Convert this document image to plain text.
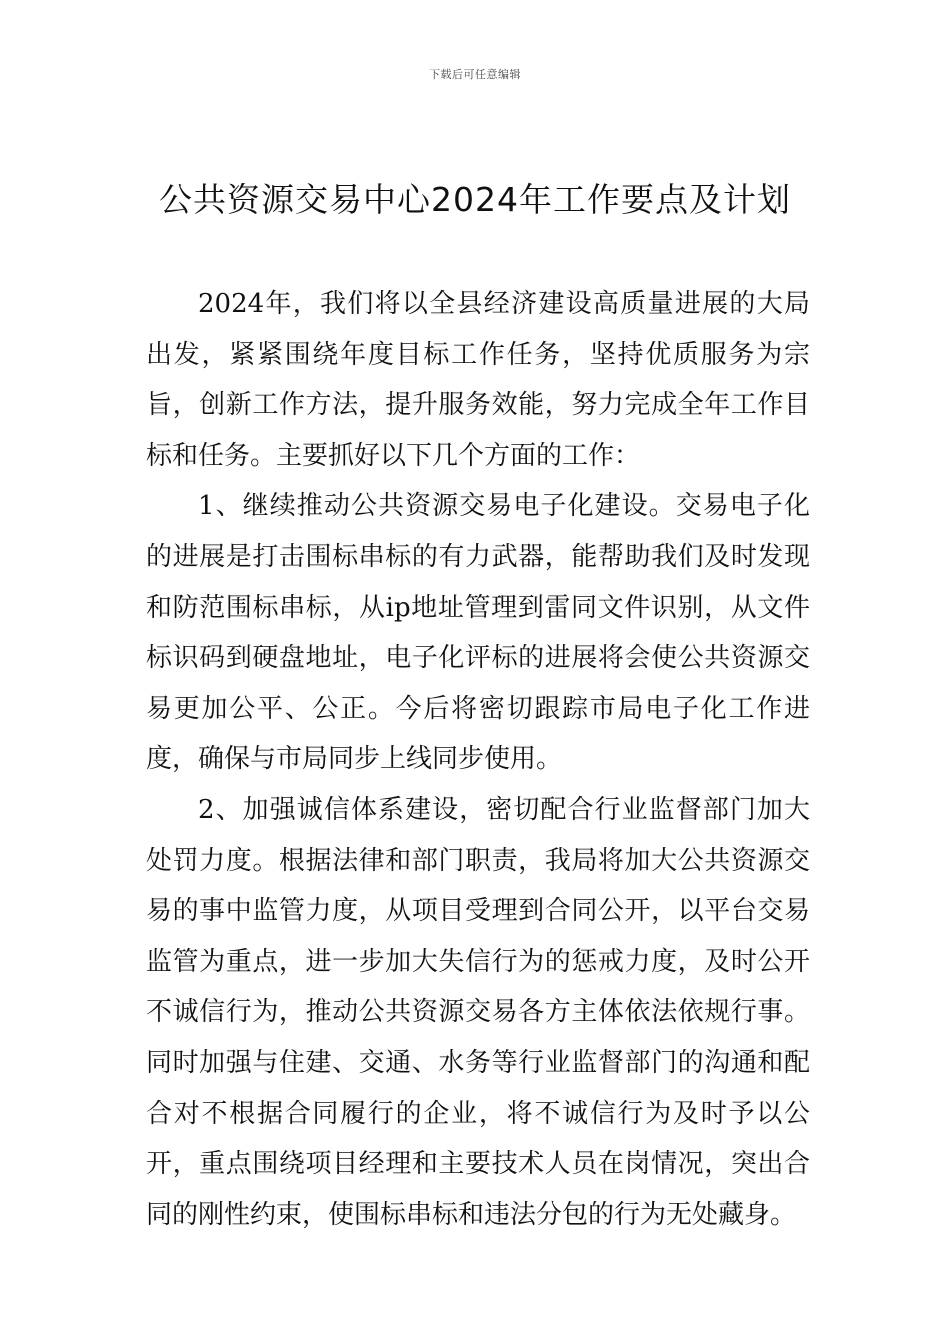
下载后可任意编辑
公共资源交易中心2024年工作要点及计划

2024年，我们将以全县经济建设高质量进展的大局出发，紧紧围绕年度目标工作任务，坚持优质服务为宗旨，创新工作方法，提升服务效能，努力完成全年工作目标和任务。主要抓好以下几个方面的工作：

1、继续推动公共资源交易电子化建设。交易电子化的进展是打击围标串标的有力武器，能帮助我们及时发现和防范围标串标，从ip地址管理到雷同文件识别，从文件标识码到硬盘地址，电子化评标的进展将会使公共资源交易更加公平、公正。今后将密切跟踪市局电子化工作进度，确保与市局同步上线同步使用。

2、加强诚信体系建设，密切配合行业监督部门加大处罚力度。根据法律和部门职责，我局将加大公共资源交易的事中监管力度，从项目受理到合同公开，以平台交易监管为重点，进一步加大失信行为的惩戒力度，及时公开不诚信行为，推动公共资源交易各方主体依法依规行事。同时加强与住建、交通、水务等行业监督部门的沟通和配合对不根据合同履行的企业，将不诚信行为及时予以公开，重点围绕项目经理和主要技术人员在岗情况，突出合同的刚性约束，使围标串标和违法分包的行为无处藏身。
